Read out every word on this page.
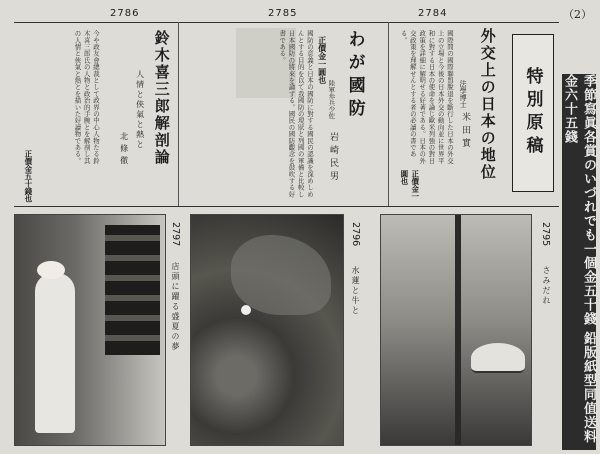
（2）
2786	2785	2784
特別原稿
外交上の日本の地位
法學博士
米田實
國際間の國際聯盟脫退を斷行した日本の外交上の立場と今後の日本外交の動向並に世界平和に對する日本の使命を論じ歐米列強の對日政策を詳細に解明せる好著である。日本の外交政策を理解せんとする者の必讀の書である。
正價金一圓也
わが國防
陸軍歩兵少佐
岩崎民男
正價金一圓也
國防の意義と日本の國防に對する國民の認識を深めしめんとする目的を以て我國防の現狀と列國の軍備と比較し日本國防の將來を論ずる。國民の國防觀念を鼓吹する好書である。
鈴木喜三郎解剖論
人情と俠氣と熱と
北條徹
今や政友會總裁として政界の中心人物たる鈴木喜三郎氏の人物と政治的手腕とを解剖し其の人情と俠氣と熱とを描いた好讀物である。
正價金五十錢也
2797
店頭に躍る盛夏の夢
2796
水蓮と牛と
2795
さみだれ	季節寫眞各賞のいづれでも一個金五十錢 鉛版紙型同值送料金六十五錢
